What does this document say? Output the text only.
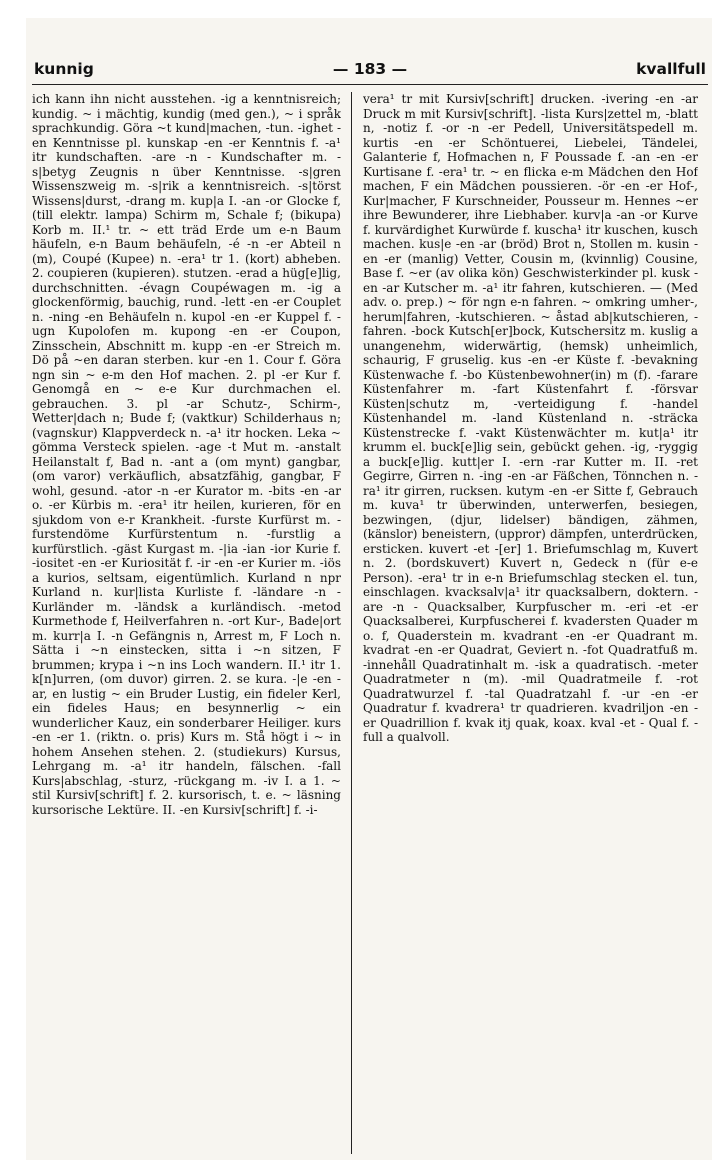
kunnig	— 183 —	kvallfull

ich kann ihn nicht ausstehen. -ig a kenntnisreich; kundig. ~ i mächtig, kundig (med gen.), ~ i språk sprachkundig. Göra ~t kund|machen, -tun. -ighet -en Kenntnisse pl. kunskap -en -er Kenntnis f. -a¹ itr kundschaften. -are -n - Kundschafter m. -s|betyg Zeugnis n über Kenntnisse. -s|gren Wissenszweig m. -s|rik a kenntnisreich. -s|törst Wissens|durst, -drang m. kup|a I. -an -or Glocke f, (till elektr. lampa) Schirm m, Schale f; (bikupa) Korb m. II.¹ tr. ~ ett träd Erde um e-n Baum häufeln, e-n Baum behäufeln, -é -n -er Abteil n (m), Coupé (Kupee) n. -era¹ tr 1. (kort) abheben. 2. coupieren (kupieren). stutzen. -erad a hüg[e]lig, durchschnitten. -évagn Coupéwagen m. -ig a glockenförmig, bauchig, rund. -lett -en -er Couplet n. -ning -en Behäufeln n. kupol -en -er Kuppel f. -ugn Kupolofen m. kupong -en -er Coupon, Zinsschein, Abschnitt m. kupp -en -er Streich m. Dö på ~en daran sterben. kur -en 1. Cour f. Göra ngn sin ~ e-m den Hof machen. 2. pl -er Kur f. Genomgå en ~ e-e Kur durchmachen el. gebrauchen. 3. pl -ar Schutz-, Schirm-, Wetter|dach n; Bude f; (vaktkur) Schilderhaus n; (vagnskur) Klappverdeck n. -a¹ itr hocken. Leka ~ gömma Versteck spielen. -age -t Mut m. -anstalt Heilanstalt f, Bad n. -ant a (om mynt) gangbar, (om varor) verkäuflich, absatzfähig, gangbar, F wohl, gesund. -ator -n -er Kurator m. -bits -en -ar o. -er Kürbis m. -era¹ itr heilen, kurieren, för en sjukdom von e-r Krankheit. -furste Kurfürst m. -furstendöme Kurfürstentum n. -furstlig a kurfürstlich. -gäst Kurgast m. -|ia -ian -ior Kurie f. -iositet -en -er Kuriosität f. -ir -en -er Kurier m. -iös a kurios, seltsam, eigentümlich. Kurland n npr Kurland n. kur|lista Kurliste f. -ländare -n - Kurländer m. -ländsk a kurländisch. -metod Kurmethode f, Heilverfahren n. -ort Kur-, Bade|ort m. kurr|a I. -n Gefängnis n, Arrest m, F Loch n. Sätta i ~n einstecken, sitta i ~n sitzen, F brummen; krypa i ~n ins Loch wandern. II.¹ itr 1. k[n]urren, (om duvor) girren. 2. se kura. -|e -en -ar, en lustig ~ ein Bruder Lustig, ein fideler Kerl, ein fideles Haus; en besynnerlig ~ ein wunderlicher Kauz, ein sonderbarer Heiliger. kurs -en -er 1. (riktn. o. pris) Kurs m. Stå högt i ~ in hohem Ansehen stehen. 2. (studiekurs) Kursus, Lehrgang m. -a¹ itr handeln, fälschen. -fall Kurs|abschlag, -sturz, -rückgang m. -iv I. a 1. ~ stil Kursiv[schrift] f. 2. kursorisch, t. e. ~ läsning kursorische Lektüre. II. -en Kursiv[schrift] f. -i-

vera¹ tr mit Kursiv[schrift] drucken. -ivering -en -ar Druck m mit Kursiv[schrift]. -lista Kurs|zettel m, -blatt n, -notiz f. -or -n -er Pedell, Universitätspedell m. kurtis -en -er Schöntuerei, Liebelei, Tändelei, Galanterie f, Hofmachen n, F Poussade f. -an -en -er Kurtisane f. -era¹ tr. ~ en flicka e-m Mädchen den Hof machen, F ein Mädchen poussieren. -ör -en -er Hof-, Kur|macher, F Kurschneider, Pousseur m. Hennes ~er ihre Bewunderer, ihre Liebhaber. kurv|a -an -or Kurve f. kurvärdighet Kurwürde f. kuscha¹ itr kuschen, kusch machen. kus|e -en -ar (bröd) Brot n, Stollen m. kusin -en -er (manlig) Vetter, Cousin m, (kvinnlig) Cousine, Base f. ~er (av olika kön) Geschwisterkinder pl. kusk -en -ar Kutscher m. -a¹ itr fahren, kutschieren. — (Med adv. o. prep.) ~ för ngn e-n fahren. ~ omkring umher-, herum|fahren, -kutschieren. ~ åstad ab|kutschieren, -fahren. -bock Kutsch[er]bock, Kutschersitz m. kuslig a unangenehm, widerwärtig, (hemsk) unheimlich, schaurig, F gruselig. kus -en -er Küste f. -bevakning Küstenwache f. -bo Küstenbewohner(in) m (f). -farare Küstenfahrer m. -fart Küstenfahrt f. -försvar Küsten|schutz m, -verteidigung f. -handel Küstenhandel m. -land Küstenland n. -sträcka Küstenstrecke f. -vakt Küstenwächter m. kut|a¹ itr krumm el. buck[e]lig sein, gebückt gehen. -ig, -ryggig a buck[e]lig. kutt|er I. -ern -rar Kutter m. II. -ret Gegirre, Girren n. -ing -en -ar Fäßchen, Tönnchen n. -ra¹ itr girren, rucksen. kutym -en -er Sitte f, Gebrauch m. kuva¹ tr überwinden, unterwerfen, besiegen, bezwingen, (djur, lidelser) bändigen, zähmen, (känslor) beneistern, (uppror) dämpfen, unterdrücken, ersticken. kuvert -et -[er] 1. Briefumschlag m, Kuvert n. 2. (bordskuvert) Kuvert n, Gedeck n (für e-e Person). -era¹ tr in e-n Briefumschlag stecken el. tun, einschlagen. kvacksalv|a¹ itr quacksalbern, doktern. -are -n - Quacksalber, Kurpfuscher m. -eri -et -er Quacksalberei, Kurpfuscherei f. kvadersten Quader m o. f, Quaderstein m. kvadrant -en -er Quadrant m. kvadrat -en -er Quadrat, Geviert n. -fot Quadratfuß m. -innehåll Quadratinhalt m. -isk a quadratisch. -meter Quadratmeter n (m). -mil Quadratmeile f. -rot Quadratwurzel f. -tal Quadratzahl f. -ur -en -er Quadratur f. kvadrera¹ tr quadrieren. kvadriljon -en -er Quadrillion f. kvak itj quak, koax. kval -et - Qual f. -full a qualvoll.
